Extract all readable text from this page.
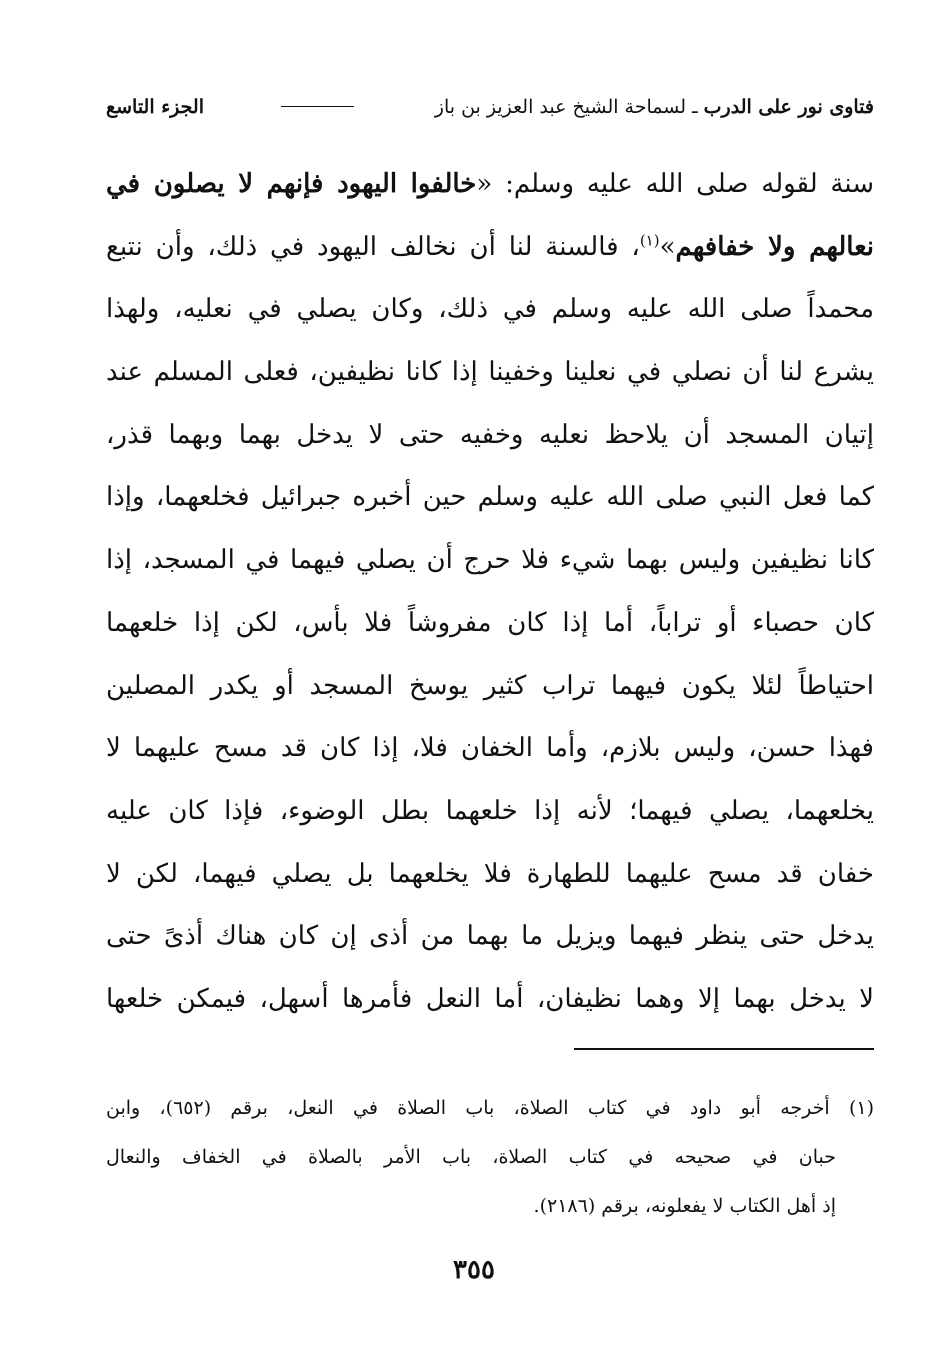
فتاوى نور على الدرب ـ لسماحة الشيخ عبد العزيز بن باز
الجزء التاسع
سنة لقوله صلى الله عليه وسلم: «خالفوا اليهود فإنهم لا يصلون في
نعالهم ولا خفافهم»$^{(١)}$، فالسنة لنا أن نخالف اليهود في ذلك، وأن نتبع
محمداً صلى الله عليه وسلم في ذلك، وكان يصلي في نعليه، ولهذا
يشرع لنا أن نصلي في نعلينا وخفينا إذا كانا نظيفين، فعلى المسلم عند
إتيان المسجد أن يلاحظ نعليه وخفيه حتى لا يدخل بهما وبهما قذر،
كما فعل النبي صلى الله عليه وسلم حين أخبره جبرائيل فخلعهما، وإذا
كانا نظيفين وليس بهما شيء فلا حرج أن يصلي فيهما في المسجد، إذا
كان حصباء أو تراباً، أما إذا كان مفروشاً فلا بأس، لكن إذا خلعهما
احتياطاً لئلا يكون فيهما تراب كثير يوسخ المسجد أو يكدر المصلين
فهذا حسن، وليس بلازم، وأما الخفان فلا، إذا كان قد مسح عليهما لا
يخلعهما، يصلي فيهما؛ لأنه إذا خلعهما بطل الوضوء، فإذا كان عليه
خفان قد مسح عليهما للطهارة فلا يخلعهما بل يصلي فيهما، لكن لا
يدخل حتى ينظر فيهما ويزيل ما بهما من أذى إن كان هناك أذىً حتى
لا يدخل بهما إلا وهما نظيفان، أما النعل فأمرها أسهل، فيمكن خلعها
(١) أخرجه أبو داود في كتاب الصلاة، باب الصلاة في النعل، برقم (٦٥٢)، وابن
حبان في صحيحه في كتاب الصلاة، باب الأمر بالصلاة في الخفاف والنعال
إذ أهل الكتاب لا يفعلونه، برقم (٢١٨٦).
٣٥٥
